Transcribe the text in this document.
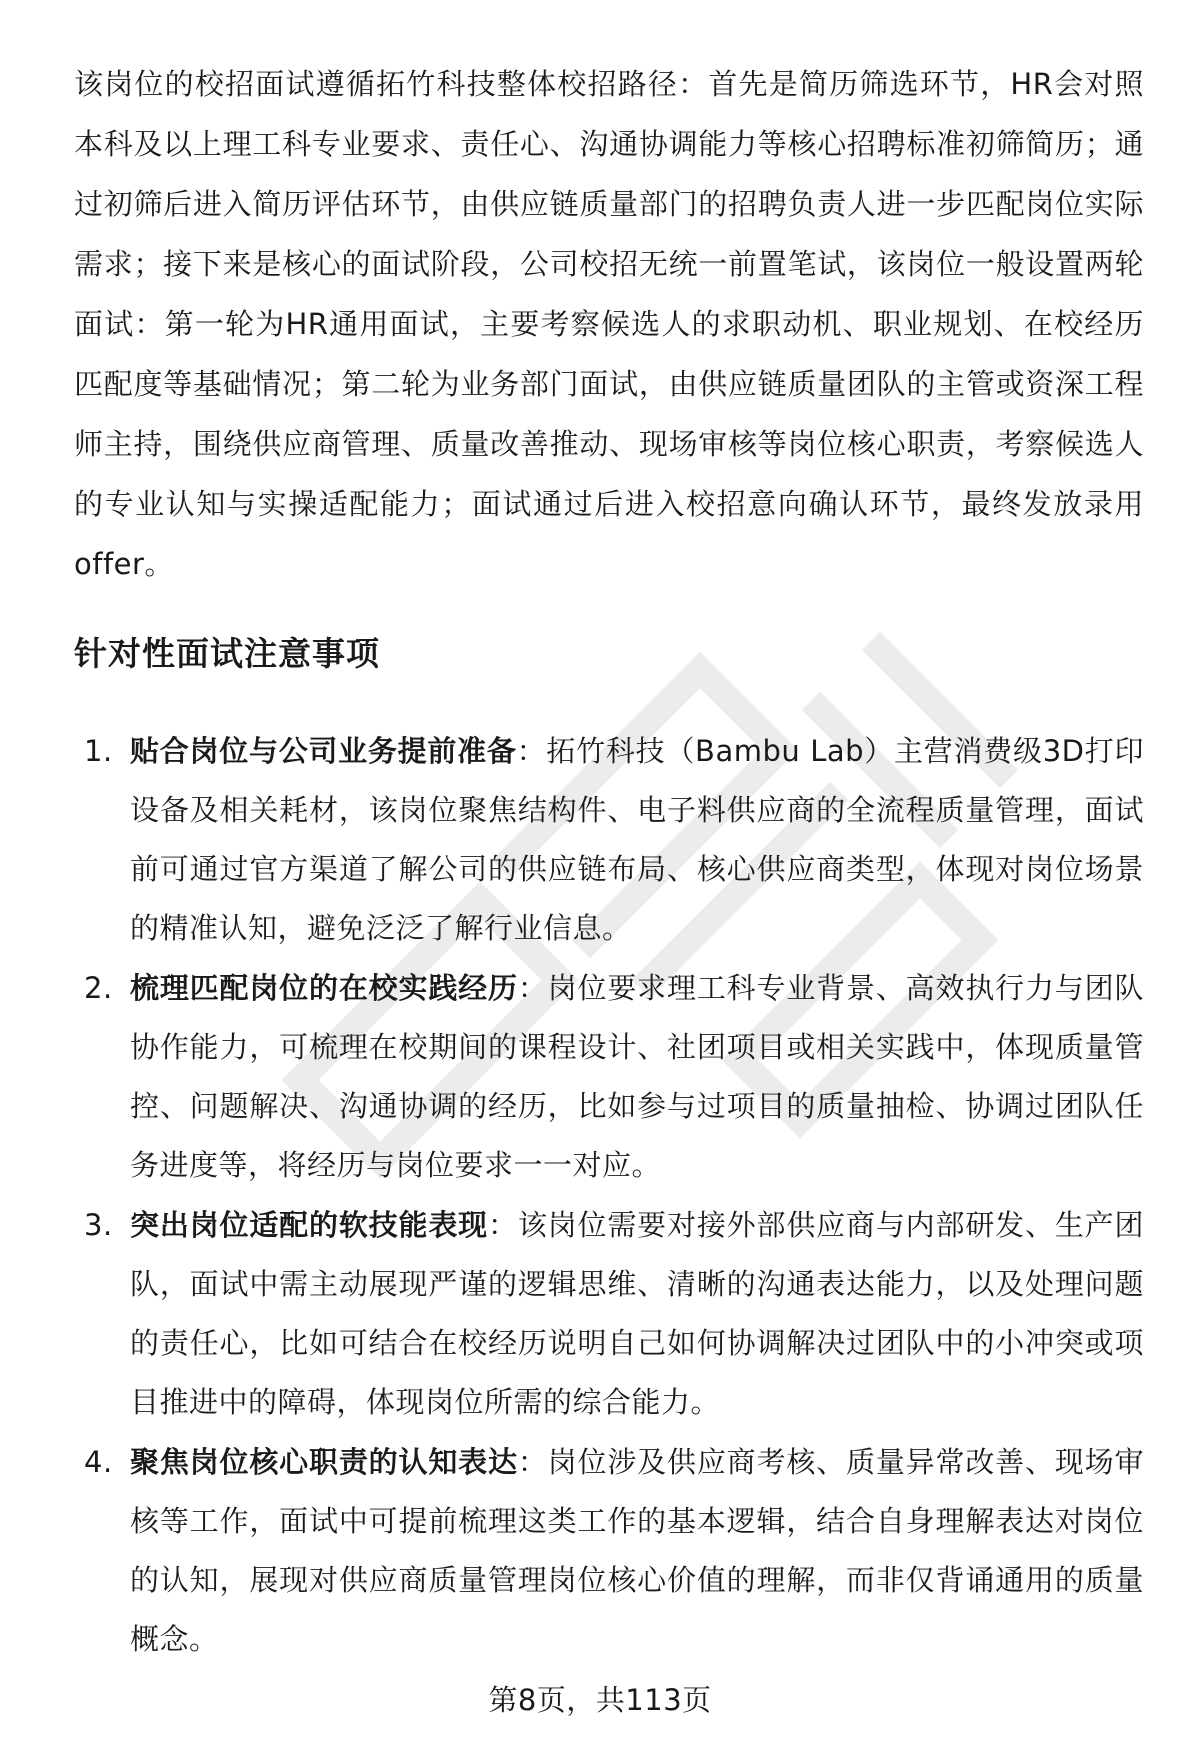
该岗位的校招面试遵循拓竹科技整体校招路径：首先是简历筛选环节，HR会对照本科及以上理工科专业要求、责任心、沟通协调能力等核心招聘标准初筛简历；通过初筛后进入简历评估环节，由供应链质量部门的招聘负责人进一步匹配岗位实际需求；接下来是核心的面试阶段，公司校招无统一前置笔试，该岗位一般设置两轮面试：第一轮为HR通用面试，主要考察候选人的求职动机、职业规划、在校经历匹配度等基础情况；第二轮为业务部门面试，由供应链质量团队的主管或资深工程师主持，围绕供应商管理、质量改善推动、现场审核等岗位核心职责，考察候选人的专业认知与实操适配能力；面试通过后进入校招意向确认环节，最终发放录用offer。

针对性面试注意事项
1. 贴合岗位与公司业务提前准备：拓竹科技（Bambu Lab）主营消费级3D打印设备及相关耗材，该岗位聚焦结构件、电子料供应商的全流程质量管理，面试前可通过官方渠道了解公司的供应链布局、核心供应商类型，体现对岗位场景的精准认知，避免泛泛了解行业信息。
2. 梳理匹配岗位的在校实践经历：岗位要求理工科专业背景、高效执行力与团队协作能力，可梳理在校期间的课程设计、社团项目或相关实践中，体现质量管控、问题解决、沟通协调的经历，比如参与过项目的质量抽检、协调过团队任务进度等，将经历与岗位要求一一对应。
3. 突出岗位适配的软技能表现：该岗位需要对接外部供应商与内部研发、生产团队，面试中需主动展现严谨的逻辑思维、清晰的沟通表达能力，以及处理问题的责任心，比如可结合在校经历说明自己如何协调解决过团队中的小冲突或项目推进中的障碍，体现岗位所需的综合能力。
4. 聚焦岗位核心职责的认知表达：岗位涉及供应商考核、质量异常改善、现场审核等工作，面试中可提前梳理这类工作的基本逻辑，结合自身理解表达对岗位的认知，展现对供应商质量管理岗位核心价值的理解，而非仅背诵通用的质量概念。

第8页，共113页
